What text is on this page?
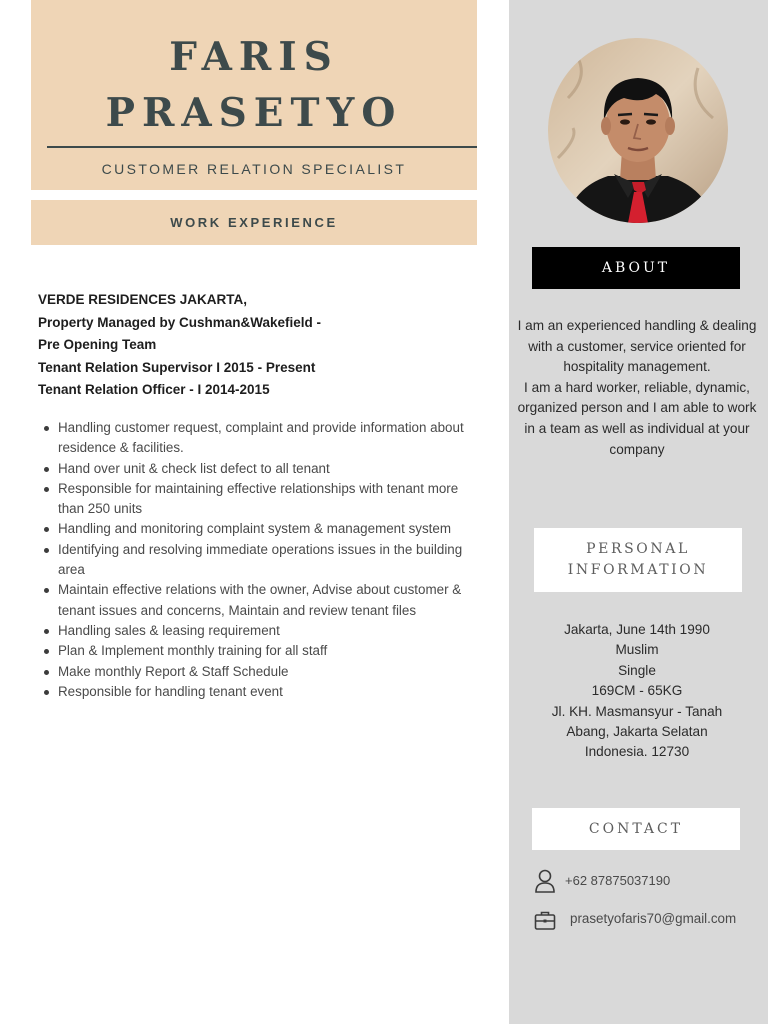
FARIS
PRASETYO
CUSTOMER RELATION SPECIALIST
WORK EXPERIENCE
VERDE RESIDENCES JAKARTA,
Property Managed by Cushman&Wakefield -
Pre Opening Team
Tenant Relation Supervisor I 2015 - Present
Tenant Relation Officer - I 2014-2015
Handling customer request, complaint and provide information about residence & facilities.
Hand over unit & check list defect to all tenant
Responsible for maintaining effective relationships with tenant more than 250 units
Handling and monitoring complaint system & management system
Identifying and resolving immediate operations issues in the building area
Maintain effective relations with the owner, Advise about customer & tenant issues and concerns, Maintain and review tenant files
Handling sales & leasing requirement
Plan & Implement monthly training for all staff
Make monthly Report & Staff Schedule
Responsible for handling tenant event
ABOUT
I am an experienced handling & dealing with a customer, service oriented for hospitality management.
I am a hard worker, reliable, dynamic, organized person and I am able to work in a team as well as individual at your company
PERSONAL
INFORMATION
Jakarta, June 14th 1990
Muslim
Single
169CM - 65KG
Jl. KH. Masmansyur - Tanah
Abang, Jakarta Selatan
Indonesia. 12730
CONTACT
+62 87875037190
prasetyofaris70@gmail.com
